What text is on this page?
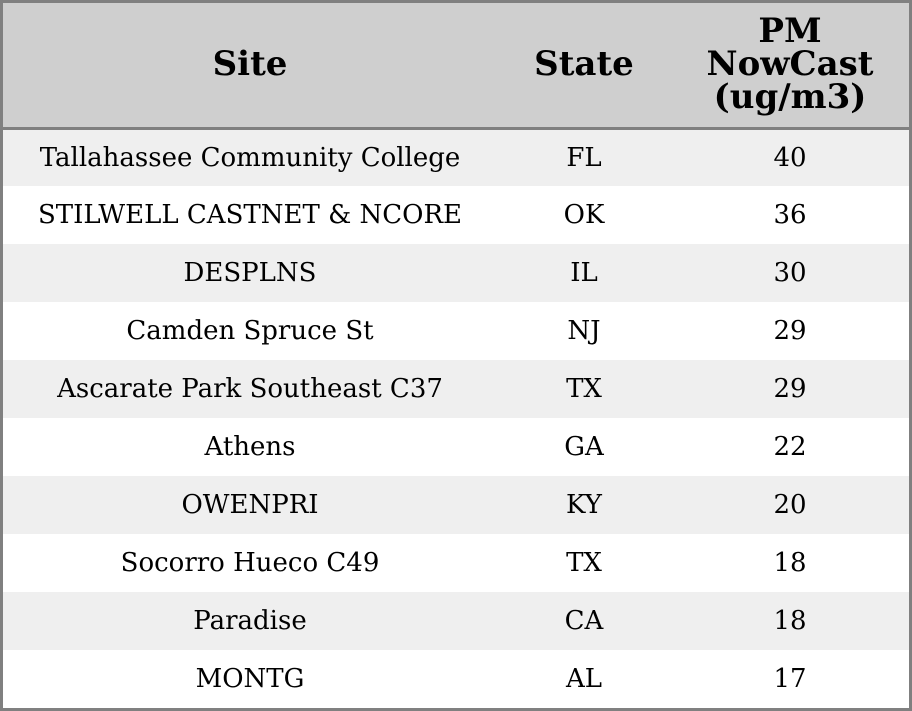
Site	State	PM
NowCast
(ug/m3)
Tallahassee Community College	FL	40
STILWELL CASTNET & NCORE	OK	36
DESPLNS	IL	30
Camden Spruce St	NJ	29
Ascarate Park Southeast C37	TX	29
Athens	GA	22
OWENPRI	KY	20
Socorro Hueco C49	TX	18
Paradise	CA	18
MONTG	AL	17
